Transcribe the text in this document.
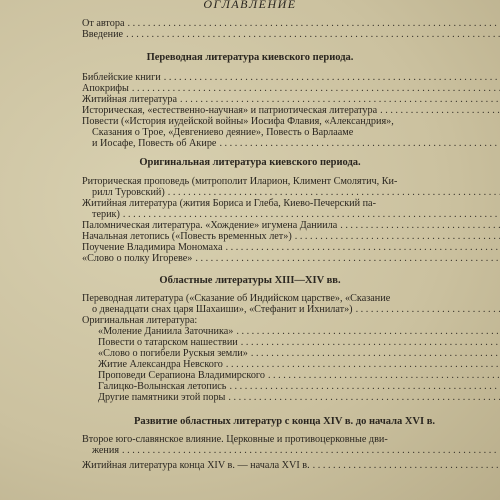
ОГЛАВЛЕНИЕ
От автора
. . .
Введение
. . .
Переводная литература киевского периода.
Библейские книги
. . .
Апокрифы
. . .
Житийная литература
. . .
Историческая, «естественно-научная» и патриотическая литература
. . .
Повести («История иудейской войны» Иосифа Флавия, «Александрия»,
Сказания о Трое, «Девгениево деяние», Повесть о Варлааме
и Иосафе, Повесть об Акире
. . .
Оригинальная литература киевского периода.
Риторическая проповедь (митрополит Иларион, Климент Смолятич, Ки-
рилл Туровский)
. . .
Житийная литература (жития Бориса и Глеба, Киево-Печерский па-
терик)
. . .
Паломническая литература. «Хождение» игумена Даниила
. . .
Начальная летопись («Повесть временных лет»)
. . .
Поучение Владимира Мономаха
. . .
«Слово о полку Игореве»
. . .
Областные литературы XIII—XIV вв.
Переводная литература («Сказание об Индийском царстве», «Сказание
о двенадцати снах царя Шахаиши», «Стефанит и Ихнилат»)
. . .
Оригинальная литература:
«Моление Даниила Заточника»
. . .
Повести о татарском нашествии
. . .
«Слово о погибели Рускыя земли»
. . .
Житие Александра Невского
. . .
Проповеди Серапиона Владимирского
. . .
Галицко-Волынская летопись
. . .
Другие памятники этой поры
. . .
Развитие областных литератур с конца XIV в. до начала XVI в.
Второе юго-славянское влияние. Церковные и противоцерковные дви-
жения
. . .
Житийная литература конца XIV в. — начала XVI в.
. . .
